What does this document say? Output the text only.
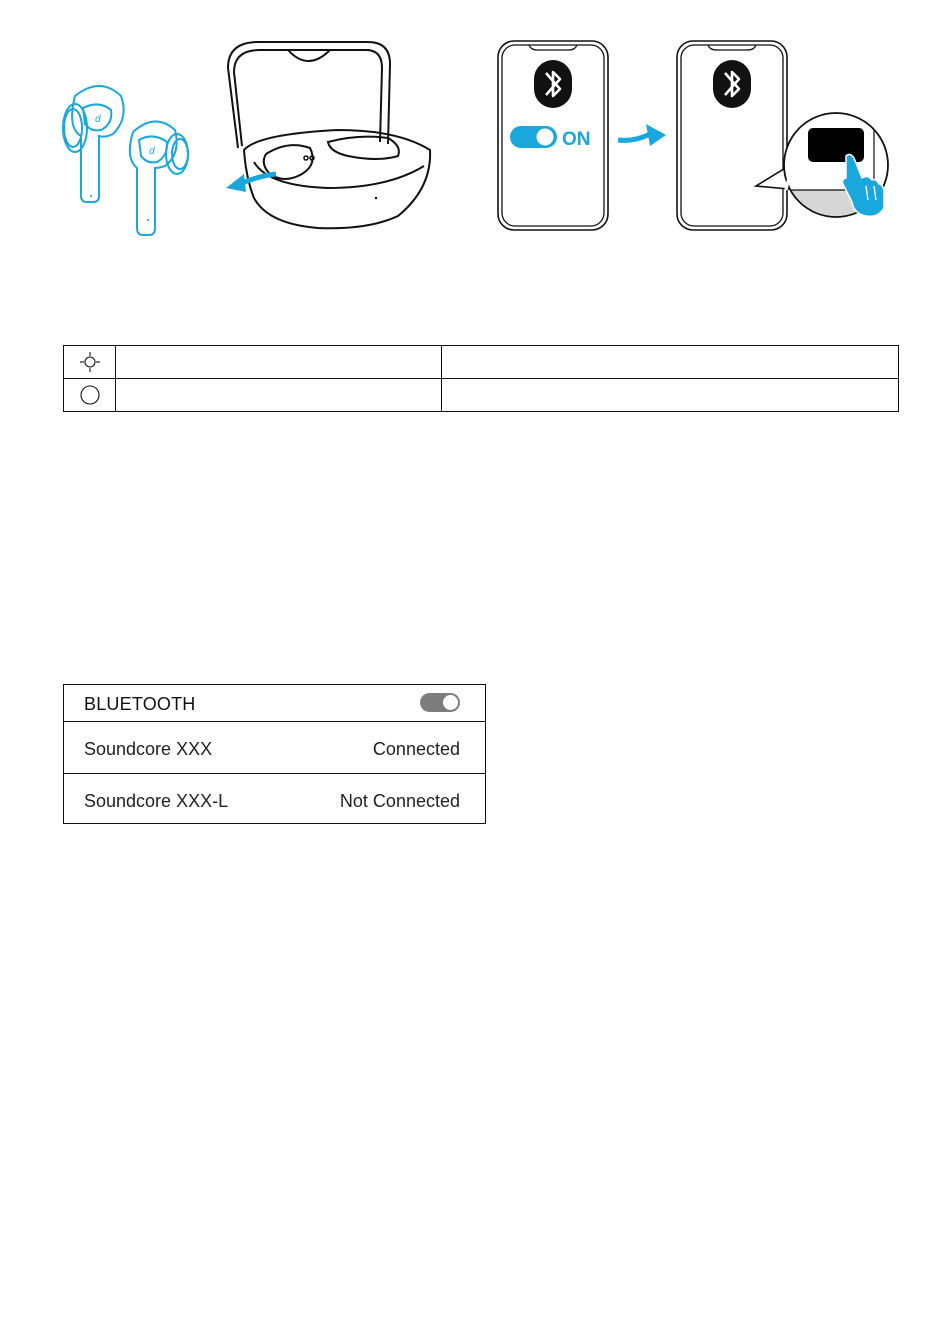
d
d
ON

BLUETOOTH
Soundcore XXX	Connected
Soundcore XXX-L	Not Connected
